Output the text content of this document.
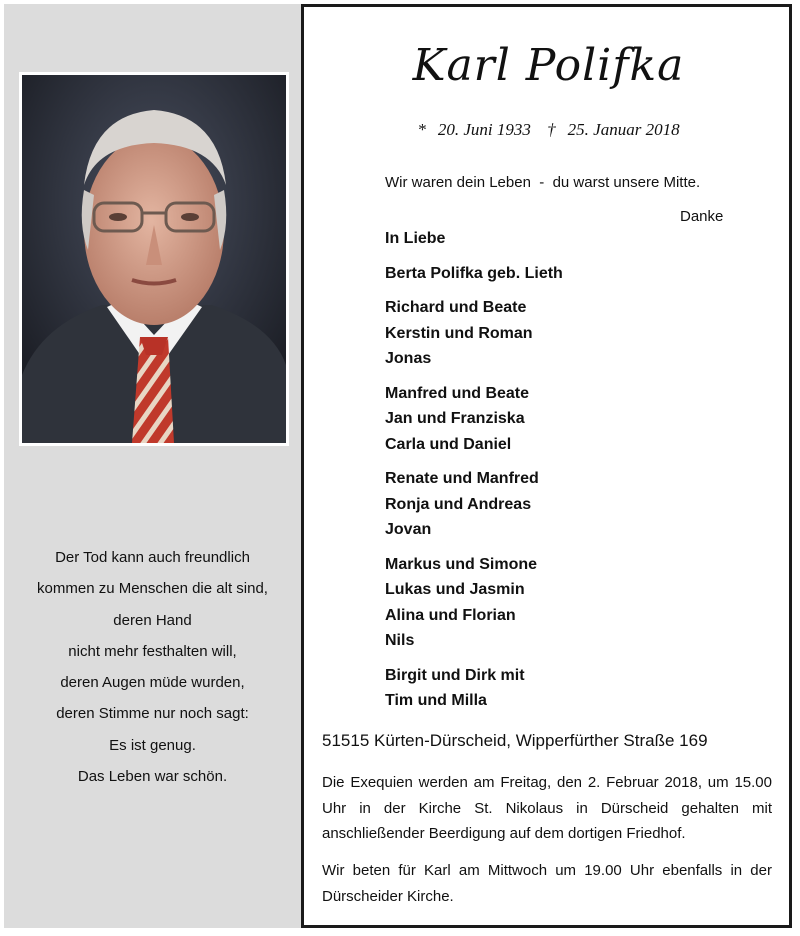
Der Tod kann auch freundlich
kommen zu Menschen die alt sind,
deren Hand
nicht mehr festhalten will,
deren Augen müde wurden,
deren Stimme nur noch sagt:
Es ist genug.
Das Leben war schön.
Karl Polifka
* 20. Juni 1933 † 25. Januar 2018
Wir waren dein Leben  -  du warst unsere Mitte.
Danke
In Liebe
Berta Polifka geb. Lieth
Richard und Beate
Kerstin und Roman
Jonas
Manfred und Beate
Jan und Franziska
Carla und Daniel
Renate und Manfred
Ronja und Andreas
Jovan
Markus und Simone
Lukas und Jasmin
Alina und Florian
Nils
Birgit und Dirk mit
Tim und Milla
51515 Kürten-Dürscheid, Wipperfürther Straße 169
Die Exequien werden am Freitag, den 2. Februar 2018, um 15.00 Uhr in der Kirche St. Nikolaus in Dürscheid gehalten mit anschließender Beerdigung auf dem dortigen Friedhof.
Wir beten für Karl am Mittwoch um 19.00 Uhr ebenfalls in der Dürscheider Kirche.
